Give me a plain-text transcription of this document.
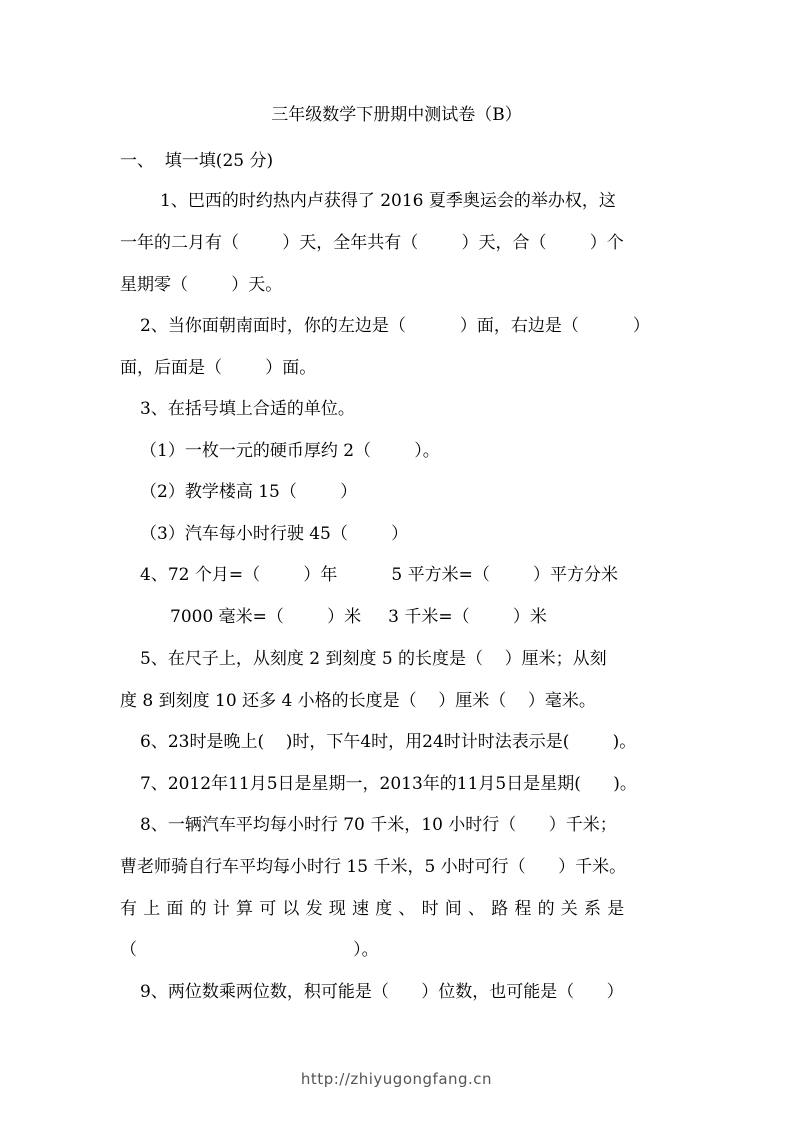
三年级数学下册期中测试卷（B）
一、  填一填(25 分)
1、巴西的时约热内卢获得了 2016 夏季奥运会的举办权，这
一年的二月有（        ）天，全年共有（        ）天，合（        ）个
星期零（        ）天。
2、当你面朝南面时，你的左边是（          ）面，右边是（          ）
面，后面是（        ）面。
3、在括号填上合适的单位。
（1）一枚一元的硬币厚约 2（        ）。
（2）教学楼高 15（        ）
（3）汽车每小时行驶 45（        ）
4、72 个月=（        ）年          5 平方米=（        ）平方分米
7000 毫米=（        ）米     3 千米=（        ）米
5、在尺子上，从刻度 2 到刻度 5 的长度是（    ）厘米；从刻
度 8 到刻度 10 还多 4 小格的长度是（    ）厘米（    ）毫米。
6、23时是晚上(    )时，下午4时，用24时计时法表示是(        )。
7、2012年11月5日是星期一，2013年的11月5日是星期(      )。
8、一辆汽车平均每小时行 70 千米，10 小时行（      ）千米；
曹老师骑自行车平均每小时行 15 千米，5 小时可行（      ）千米。
有上面的计算可以发现速度、时间、路程的关系是
（                                        ）。
9、两位数乘两位数，积可能是（      ）位数，也可能是（      ）
http://zhiyugongfang.cn
